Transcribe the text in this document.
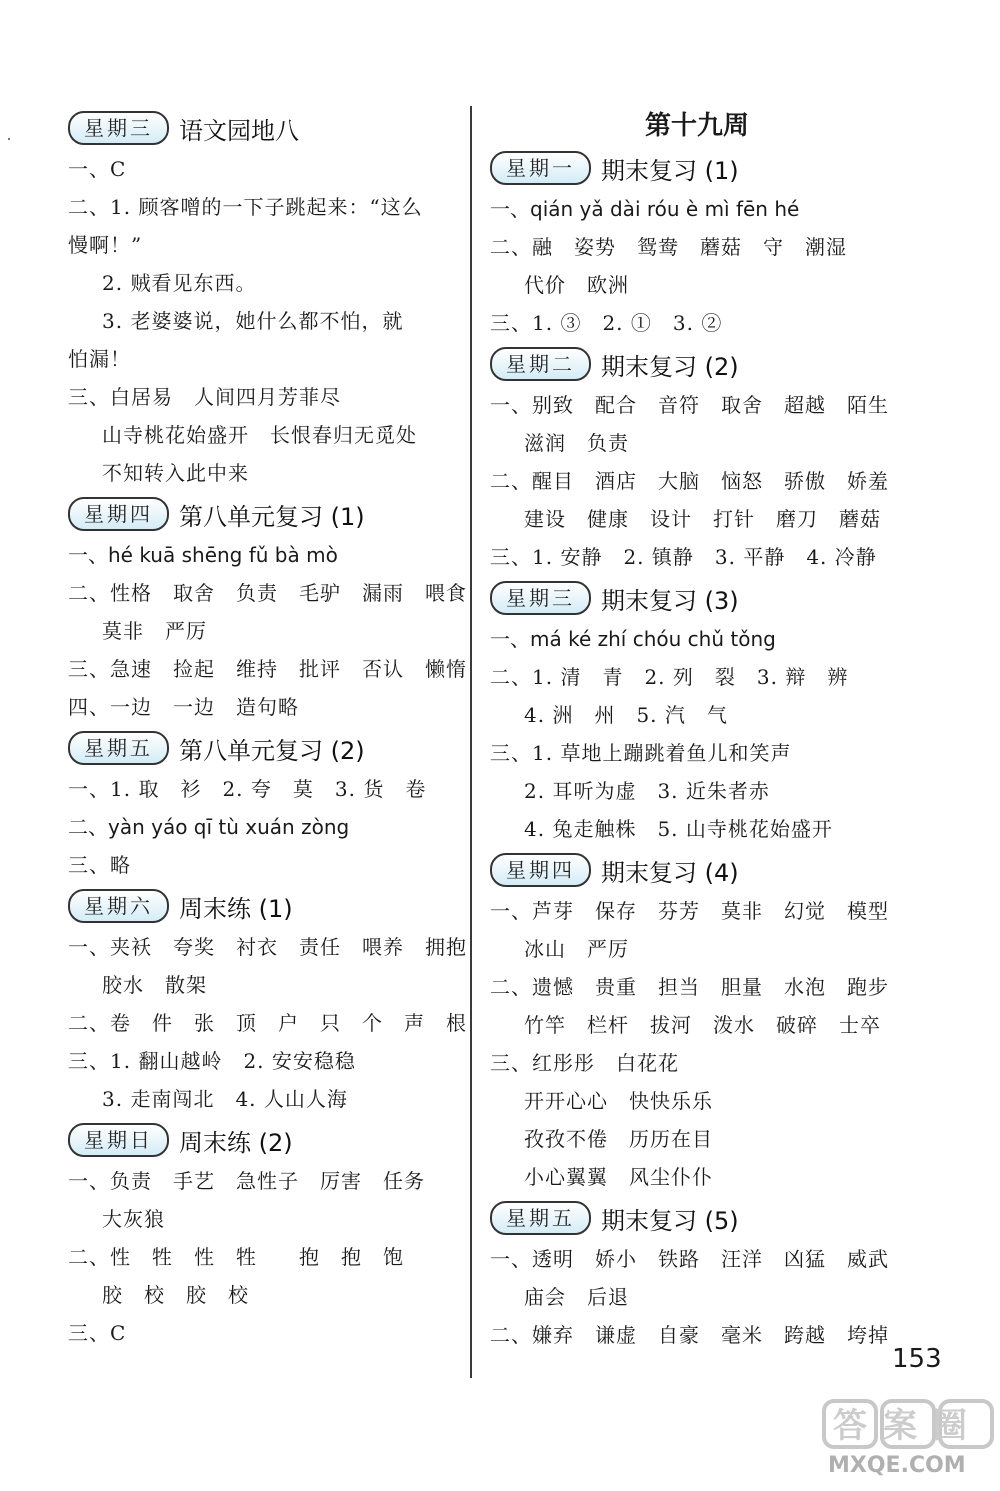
星期三	语文园地八
一、C
二、1. 顾客噌的一下子跳起来：“这么
慢啊！”
2. 贼看见东西。
3. 老婆婆说，她什么都不怕，就
怕漏！
三、白居易　人间四月芳菲尽
山寺桃花始盛开　长恨春归无觅处
不知转入此中来
星期四	第八单元复习 (1)
一、hé kuā shēng fǔ bà mò
二、性格　取舍　负责　毛驴　漏雨　喂食
莫非　严厉
三、急速　捡起　维持　批评　否认　懒惰
四、一边　一边　造句略
星期五	第八单元复习 (2)
一、1. 取　衫　2. 夸　莫　3. 货　卷
二、yàn yáo qī tù xuán zòng
三、略
星期六	周末练 (1)
一、夹袄　夸奖　衬衣　责任　喂养　拥抱
胶水　散架
二、卷　件　张　顶　户　只　个　声　根
三、1. 翻山越岭　2. 安安稳稳
3. 走南闯北　4. 人山人海
星期日	周末练 (2)
一、负责　手艺　急性子　厉害　任务
大灰狼
二、性　牲　性　牲　　抱　抱　饱
胶　校　胶　校
三、C
第十九周
星期一	期末复习 (1)
一、qián yǎ dài róu è mì fēn hé
二、融　姿势　鸳鸯　蘑菇　守　潮湿
代价　欧洲
三、1. ③　2. ①　3. ②
星期二	期末复习 (2)
一、别致　配合　音符　取舍　超越　陌生
滋润　负责
二、醒目　酒店　大脑　恼怒　骄傲　娇羞
建设　健康　设计　打针　磨刀　蘑菇
三、1. 安静　2. 镇静　3. 平静　4. 冷静
星期三	期末复习 (3)
一、má ké zhí chóu chǔ tǒng
二、1. 清　青　2. 列　裂　3. 辩　辨
4. 洲　州　5. 汽　气
三、1. 草地上蹦跳着鱼儿和笑声
2. 耳听为虚　3. 近朱者赤
4. 兔走触株　5. 山寺桃花始盛开
星期四	期末复习 (4)
一、芦芽　保存　芬芳　莫非　幻觉　模型
冰山　严厉
二、遗憾　贵重　担当　胆量　水泡　跑步
竹竿　栏杆　拔河　泼水　破碎　士卒
三、红彤彤　白花花
开开心心　快快乐乐
孜孜不倦　历历在目
小心翼翼　风尘仆仆
星期五	期末复习 (5)
一、透明　娇小　铁路　汪洋　凶猛　威武
庙会　后退
二、嫌弃　谦虚　自豪　毫米　跨越　垮掉
153
答案圈
MXQE.COM
